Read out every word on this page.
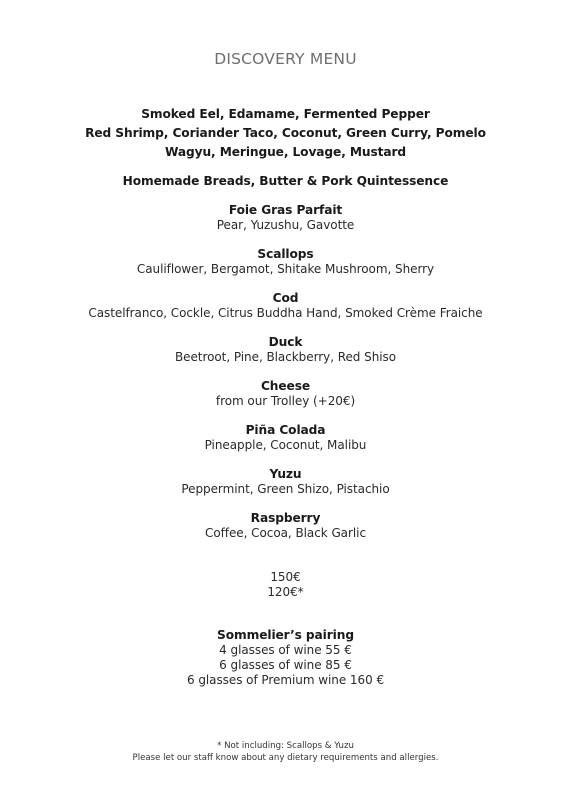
DISCOVERY MENU
Smoked Eel, Edamame, Fermented Pepper
Red Shrimp, Coriander Taco, Coconut, Green Curry, Pomelo
Wagyu, Meringue, Lovage, Mustard
Homemade Breads, Butter & Pork Quintessence
Foie Gras Parfait
Pear, Yuzushu, Gavotte
Scallops
Cauliflower, Bergamot, Shitake Mushroom, Sherry
Cod
Castelfranco, Cockle, Citrus Buddha Hand, Smoked Crème Fraiche
Duck
Beetroot, Pine, Blackberry, Red Shiso
Cheese
from our Trolley (+20€)
Piña Colada
Pineapple, Coconut, Malibu
Yuzu
Peppermint, Green Shizo, Pistachio
Raspberry
Coffee, Cocoa, Black Garlic
150€
120€*
Sommelier’s pairing
4 glasses of wine 55 €
6 glasses of wine 85 €
6 glasses of Premium wine 160 €
* Not including: Scallops & Yuzu
Please let our staff know about any dietary requirements and allergies.
